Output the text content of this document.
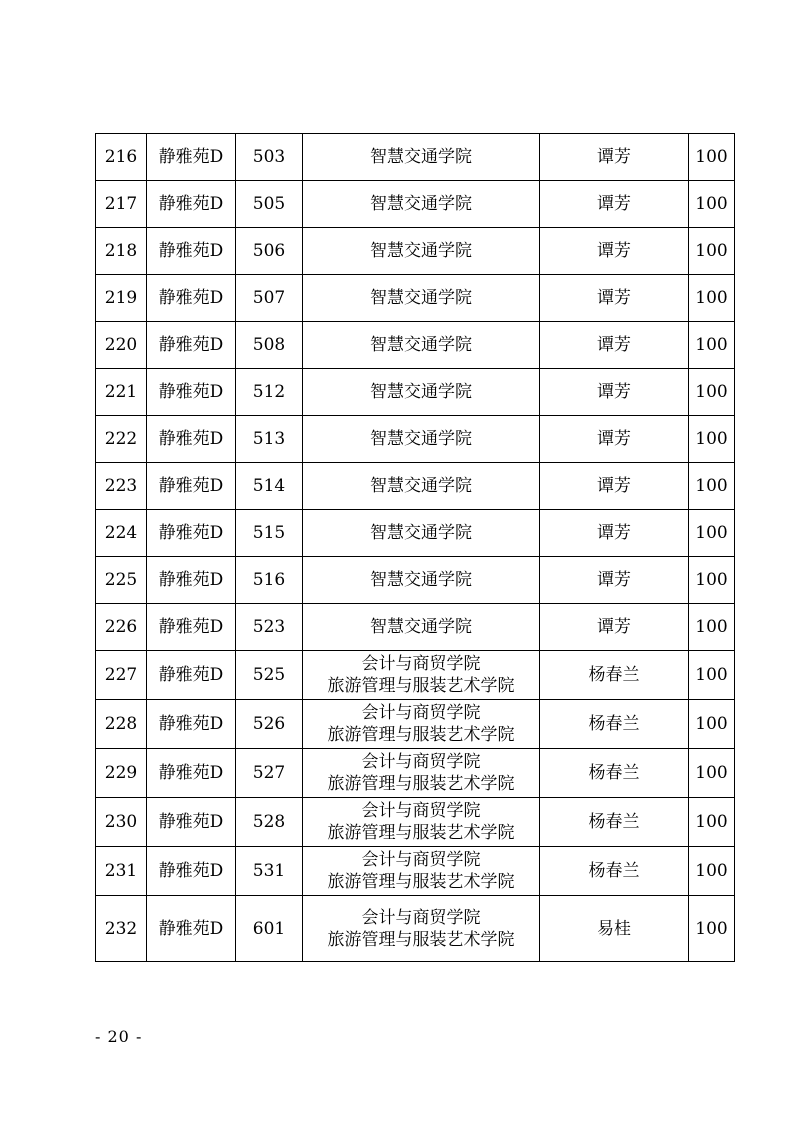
216	静雅苑D	503	智慧交通学院	谭芳	100
217	静雅苑D	505	智慧交通学院	谭芳	100
218	静雅苑D	506	智慧交通学院	谭芳	100
219	静雅苑D	507	智慧交通学院	谭芳	100
220	静雅苑D	508	智慧交通学院	谭芳	100
221	静雅苑D	512	智慧交通学院	谭芳	100
222	静雅苑D	513	智慧交通学院	谭芳	100
223	静雅苑D	514	智慧交通学院	谭芳	100
224	静雅苑D	515	智慧交通学院	谭芳	100
225	静雅苑D	516	智慧交通学院	谭芳	100
226	静雅苑D	523	智慧交通学院	谭芳	100
227	静雅苑D	525	会计与商贸学院
旅游管理与服装艺术学院	杨春兰	100
228	静雅苑D	526	会计与商贸学院
旅游管理与服装艺术学院	杨春兰	100
229	静雅苑D	527	会计与商贸学院
旅游管理与服装艺术学院	杨春兰	100
230	静雅苑D	528	会计与商贸学院
旅游管理与服装艺术学院	杨春兰	100
231	静雅苑D	531	会计与商贸学院
旅游管理与服装艺术学院	杨春兰	100
232	静雅苑D	601	会计与商贸学院
旅游管理与服装艺术学院	易桂	100
- 20 -
